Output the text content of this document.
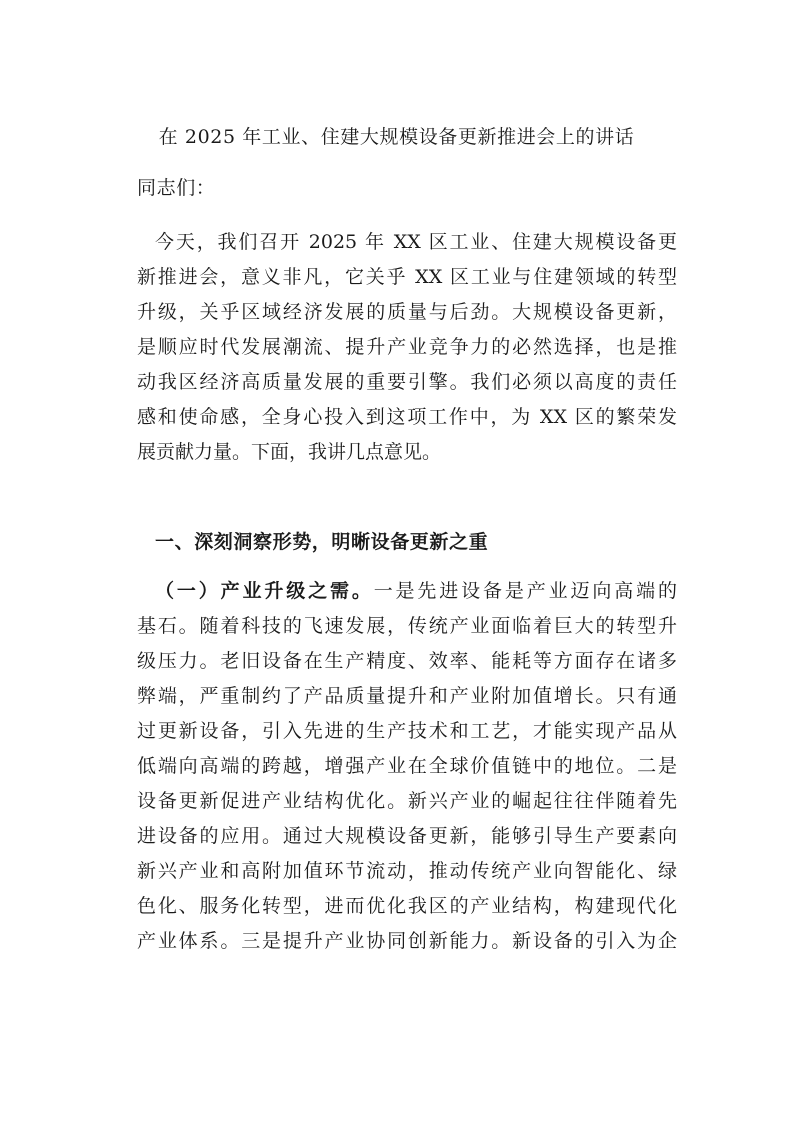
在 2025 年工业、住建大规模设备更新推进会上的讲话
同志们：
今天，我们召开 2025 年 XX 区工业、住建大规模设备更
新推进会，意义非凡，它关乎 XX 区工业与住建领域的转型
升级，关乎区域经济发展的质量与后劲。大规模设备更新，
是顺应时代发展潮流、提升产业竞争力的必然选择，也是推
动我区经济高质量发展的重要引擎。我们必须以高度的责任
感和使命感，全身心投入到这项工作中，为 XX 区的繁荣发
展贡献力量。下面，我讲几点意见。
一、深刻洞察形势，明晰设备更新之重
（一）产业升级之需。一是先进设备是产业迈向高端的
基石。随着科技的飞速发展，传统产业面临着巨大的转型升
级压力。老旧设备在生产精度、效率、能耗等方面存在诸多
弊端，严重制约了产品质量提升和产业附加值增长。只有通
过更新设备，引入先进的生产技术和工艺，才能实现产品从
低端向高端的跨越，增强产业在全球价值链中的地位。二是
设备更新促进产业结构优化。新兴产业的崛起往往伴随着先
进设备的应用。通过大规模设备更新，能够引导生产要素向
新兴产业和高附加值环节流动，推动传统产业向智能化、绿
色化、服务化转型，进而优化我区的产业结构，构建现代化
产业体系。三是提升产业协同创新能力。新设备的引入为企
